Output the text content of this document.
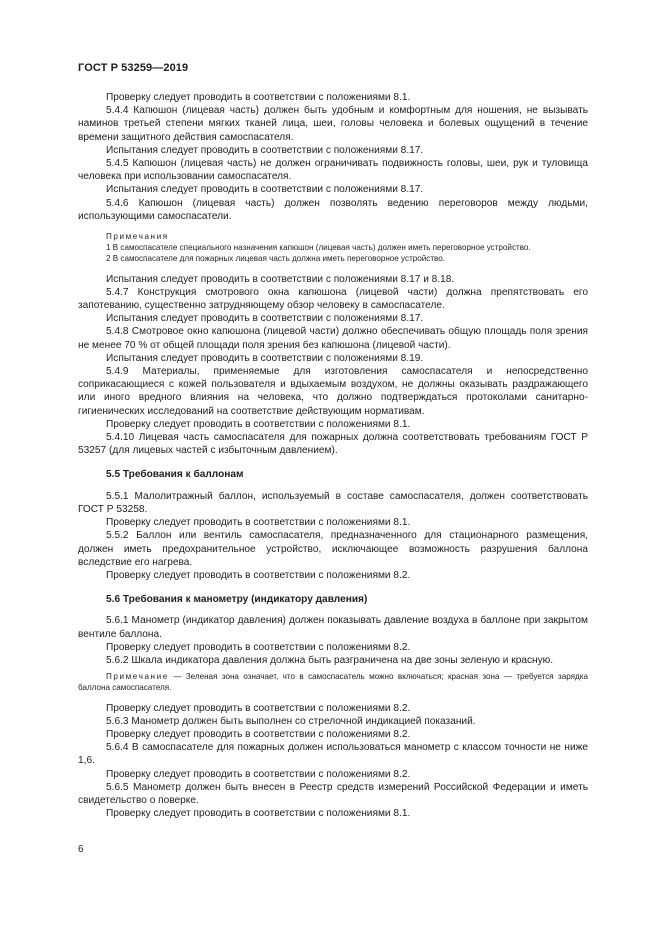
ГОСТ Р 53259—2019

Проверку следует проводить в соответствии с положениями 8.1.

5.4.4 Капюшон (лицевая часть) должен быть удобным и комфортным для ношения, не вызывать наминов третьей степени мягких тканей лица, шеи, головы человека и болевых ощущений в течение времени защитного действия самоспасателя.

Испытания следует проводить в соответствии с положениями 8.17.

5.4.5 Капюшон (лицевая часть) не должен ограничивать подвижность головы, шеи, рук и туловища человека при использовании самоспасателя.

Испытания следует проводить в соответствии с положениями 8.17.

5.4.6 Капюшон (лицевая часть) должен позволять ведению переговоров между людьми, использующими самоспасатели.

Примечания

1 В самоспасателе специального назначения капюшон (лицевая часть) должен иметь переговорное устройство.

2 В самоспасателе для пожарных лицевая часть должна иметь переговорное устройство.

Испытания следует проводить в соответствии с положениями 8.17 и 8.18.

5.4.7 Конструкция смотрового окна капюшона (лицевой части) должна препятствовать его запотеванию, существенно затрудняющему обзор человеку в самоспасателе.

Испытания следует проводить в соответствии с положениями 8.17.

5.4.8 Смотровое окно капюшона (лицевой части) должно обеспечивать общую площадь поля зрения не менее 70 % от общей площади поля зрения без капюшона (лицевой части).

Испытания следует проводить в соответствии с положениями 8.19.

5.4.9 Материалы, применяемые для изготовления самоспасателя и непосредственно соприкасающиеся с кожей пользователя и вдыхаемым воздухом, не должны оказывать раздражающего или иного вредного влияния на человека, что должно подтверждаться протоколами санитарно-гигиенических исследований на соответствие действующим нормативам.

Проверку следует проводить в соответствии с положениями 8.1.

5.4.10 Лицевая часть самоспасателя для пожарных должна соответствовать требованиям ГОСТ Р 53257 (для лицевых частей с избыточным давлением).

5.5 Требования к баллонам

5.5.1 Малолитражный баллон, используемый в составе самоспасателя, должен соответствовать ГОСТ Р 53258.

Проверку следует проводить в соответствии с положениями 8.1.

5.5.2 Баллон или вентиль самоспасателя, предназначенного для стационарного размещения, должен иметь предохранительное устройство, исключающее возможность разрушения баллона вследствие его нагрева.

Проверку следует проводить в соответствии с положениями 8.2.

5.6 Требования к манометру (индикатору давления)

5.6.1 Манометр (индикатор давления) должен показывать давление воздуха в баллоне при закрытом вентиле баллона.

Проверку следует проводить в соответствии с положениями 8.2.

5.6.2 Шкала индикатора давления должна быть разграничена на две зоны зеленую и красную.

Примечание — Зеленая зона означает, что в самоспасатель можно включаться; красная зона — требуется зарядка баллона самоспасателя.

Проверку следует проводить в соответствии с положениями 8.2.

5.6.3 Манометр должен быть выполнен со стрелочной индикацией показаний.

Проверку следует проводить в соответствии с положениями 8.2.

5.6.4 В самоспасателе для пожарных должен использоваться манометр с классом точности не ниже 1,6.

Проверку следует проводить в соответствии с положениями 8.2.

5.6.5 Манометр должен быть внесен в Реестр средств измерений Российской Федерации и иметь свидетельство о поверке.

Проверку следует проводить в соответствии с положениями 8.1.

6
